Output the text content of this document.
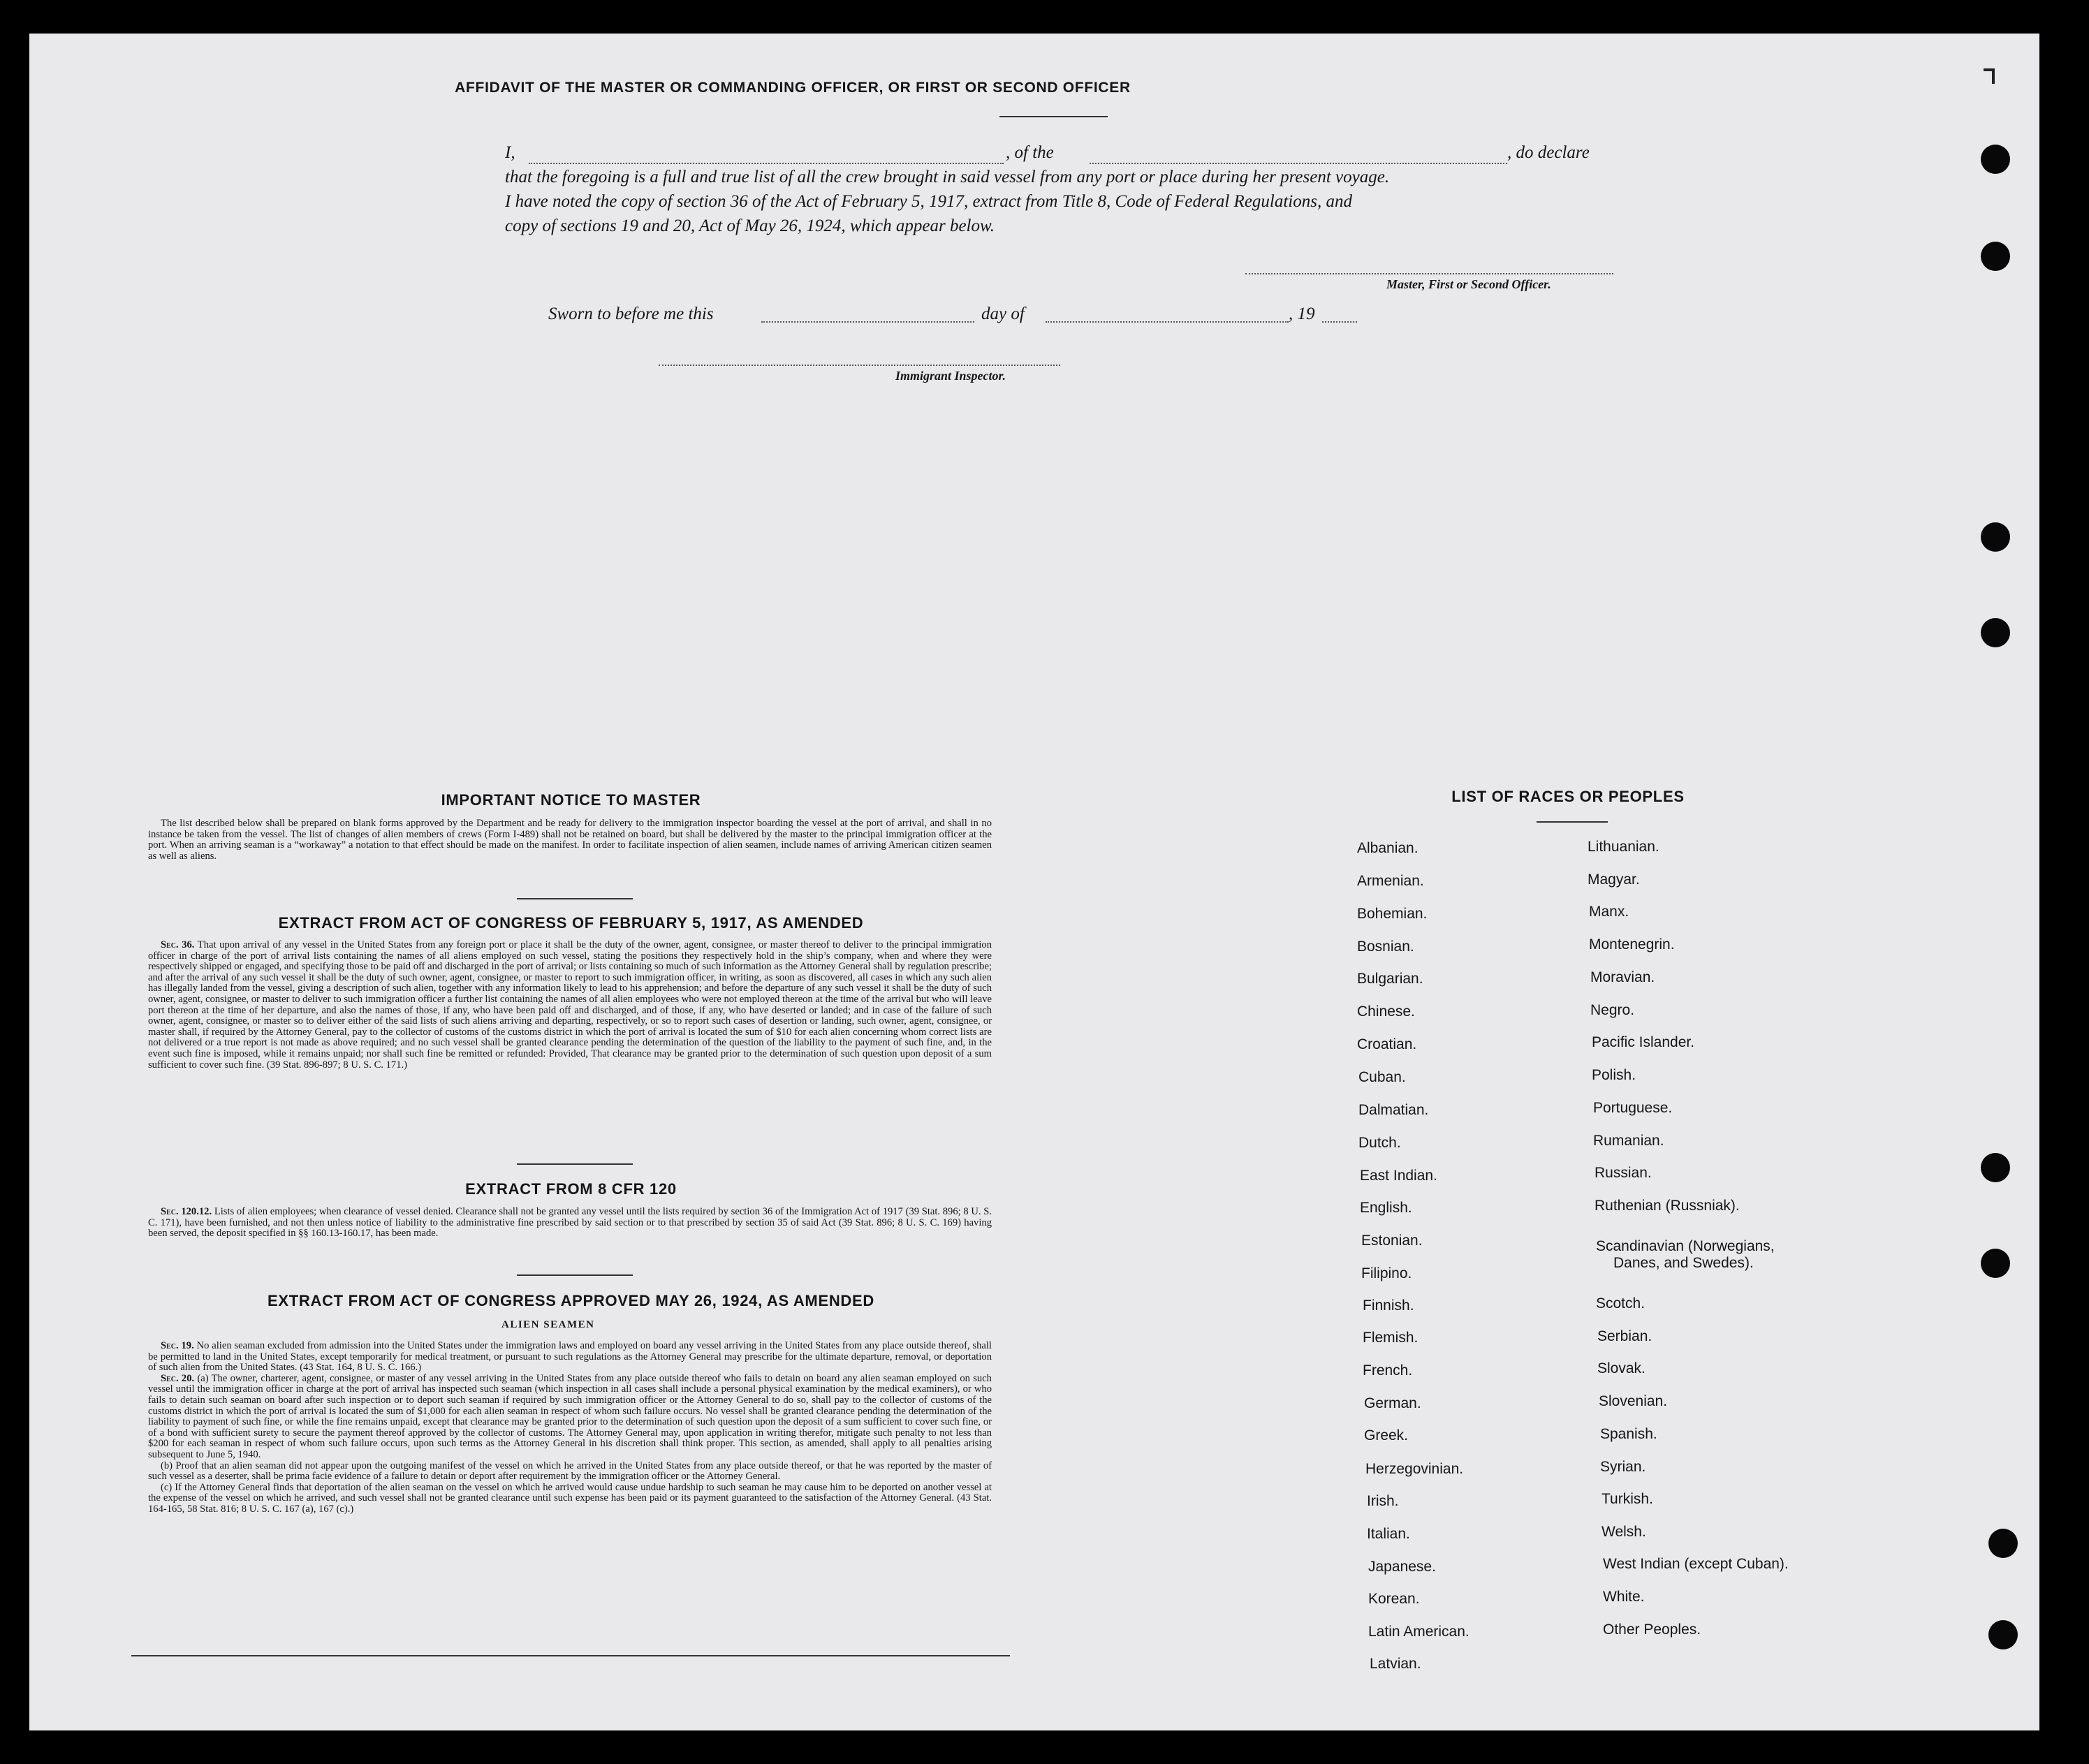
AFFIDAVIT OF THE MASTER OR COMMANDING OFFICER, OR FIRST OR SECOND OFFICER
I,	, of the	, do declare
that the foregoing is a full and true list of all the crew brought in said vessel from any port or place during her present voyage.
I have noted the copy of section 36 of the Act of February 5, 1917, extract from Title 8, Code of Federal Regulations, and
copy of sections 19 and 20, Act of May 26, 1924, which appear below.
Master, First or Second Officer.
Sworn to before me this	day of	, 19
Immigrant Inspector.
IMPORTANT NOTICE TO MASTER

The list described below shall be prepared on blank forms approved by the Department and be ready for delivery to the immigration inspector boarding the vessel at the port of arrival, and shall in no instance be taken from the vessel. The list of changes of alien members of crews (Form I-489) shall not be retained on board, but shall be delivered by the master to the principal immigration officer at the port. When an arriving seaman is a “workaway” a notation to that effect should be made on the manifest. In order to facilitate inspection of alien seamen, include names of arriving American citizen seamen as well as aliens.

EXTRACT FROM ACT OF CONGRESS OF FEBRUARY 5, 1917, AS AMENDED

Sec. 36. That upon arrival of any vessel in the United States from any foreign port or place it shall be the duty of the owner, agent, consignee, or master thereof to deliver to the principal immigration officer in charge of the port of arrival lists containing the names of all aliens employed on such vessel, stating the positions they respectively hold in the ship’s company, when and where they were respectively shipped or engaged, and specifying those to be paid off and discharged in the port of arrival; or lists containing so much of such information as the Attorney General shall by regulation prescribe; and after the arrival of any such vessel it shall be the duty of such owner, agent, consignee, or master to report to such immigration officer, in writing, as soon as discovered, all cases in which any such alien has illegally landed from the vessel, giving a description of such alien, together with any information likely to lead to his apprehension; and before the departure of any such vessel it shall be the duty of such owner, agent, consignee, or master to deliver to such immigration officer a further list containing the names of all alien employees who were not employed thereon at the time of the arrival but who will leave port thereon at the time of her departure, and also the names of those, if any, who have been paid off and discharged, and of those, if any, who have deserted or landed; and in case of the failure of such owner, agent, consignee, or master so to deliver either of the said lists of such aliens arriving and departing, respectively, or so to report such cases of desertion or landing, such owner, agent, consignee, or master shall, if required by the Attorney General, pay to the collector of customs of the customs district in which the port of arrival is located the sum of $10 for each alien concerning whom correct lists are not delivered or a true report is not made as above required; and no such vessel shall be granted clearance pending the determination of the question of the liability to the payment of such fine, and, in the event such fine is imposed, while it remains unpaid; nor shall such fine be remitted or refunded: Provided, That clearance may be granted prior to the determination of such question upon deposit of a sum sufficient to cover such fine. (39 Stat. 896-897; 8 U. S. C. 171.)

EXTRACT FROM 8 CFR 120

Sec. 120.12. Lists of alien employees; when clearance of vessel denied. Clearance shall not be granted any vessel until the lists required by section 36 of the Immigration Act of 1917 (39 Stat. 896; 8 U. S. C. 171), have been furnished, and not then unless notice of liability to the administrative fine prescribed by said section or to that prescribed by section 35 of said Act (39 Stat. 896; 8 U. S. C. 169) having been served, the deposit specified in §§ 160.13-160.17, has been made.

EXTRACT FROM ACT OF CONGRESS APPROVED MAY 26, 1924, AS AMENDED
ALIEN SEAMEN

Sec. 19. No alien seaman excluded from admission into the United States under the immigration laws and employed on board any vessel arriving in the United States from any place outside thereof, shall be permitted to land in the United States, except temporarily for medical treatment, or pursuant to such regulations as the Attorney General may prescribe for the ultimate departure, removal, or deportation of such alien from the United States. (43 Stat. 164, 8 U. S. C. 166.)

Sec. 20. (a) The owner, charterer, agent, consignee, or master of any vessel arriving in the United States from any place outside thereof who fails to detain on board any alien seaman employed on such vessel until the immigration officer in charge at the port of arrival has inspected such seaman (which inspection in all cases shall include a personal physical examination by the medical examiners), or who fails to detain such seaman on board after such inspection or to deport such seaman if required by such immigration officer or the Attorney General to do so, shall pay to the collector of customs of the customs district in which the port of arrival is located the sum of $1,000 for each alien seaman in respect of whom such failure occurs. No vessel shall be granted clearance pending the determination of the liability to payment of such fine, or while the fine remains unpaid, except that clearance may be granted prior to the determination of such question upon the deposit of a sum sufficient to cover such fine, or of a bond with sufficient surety to secure the payment thereof approved by the collector of customs. The Attorney General may, upon application in writing therefor, mitigate such penalty to not less than $200 for each seaman in respect of whom such failure occurs, upon such terms as the Attorney General in his discretion shall think proper. This section, as amended, shall apply to all penalties arising subsequent to June 5, 1940.

(b) Proof that an alien seaman did not appear upon the outgoing manifest of the vessel on which he arrived in the United States from any place outside thereof, or that he was reported by the master of such vessel as a deserter, shall be prima facie evidence of a failure to detain or deport after requirement by the immigration officer or the Attorney General.

(c) If the Attorney General finds that deportation of the alien seaman on the vessel on which he arrived would cause undue hardship to such seaman he may cause him to be deported on another vessel at the expense of the vessel on which he arrived, and such vessel shall not be granted clearance until such expense has been paid or its payment guaranteed to the satisfaction of the Attorney General. (43 Stat. 164-165, 58 Stat. 816; 8 U. S. C. 167 (a), 167 (c).)

LIST OF RACES OR PEOPLES
Albanian.
Armenian.
Bohemian.
Bosnian.
Bulgarian.
Chinese.
Croatian.
Cuban.
Dalmatian.
Dutch.
East Indian.
English.
Estonian.
Filipino.
Finnish.
Flemish.
French.
German.
Greek.
Herzegovinian.
Irish.
Italian.
Japanese.
Korean.
Latin American.
Latvian.
Lithuanian.
Magyar.
Manx.
Montenegrin.
Moravian.
Negro.
Pacific Islander.
Polish.
Portuguese.
Rumanian.
Russian.
Ruthenian (Russniak).
Scandinavian (Norwegians,
Danes, and Swedes).
Scotch.
Serbian.
Slovak.
Slovenian.
Spanish.
Syrian.
Turkish.
Welsh.
West Indian (except Cuban).
White.
Other Peoples.
